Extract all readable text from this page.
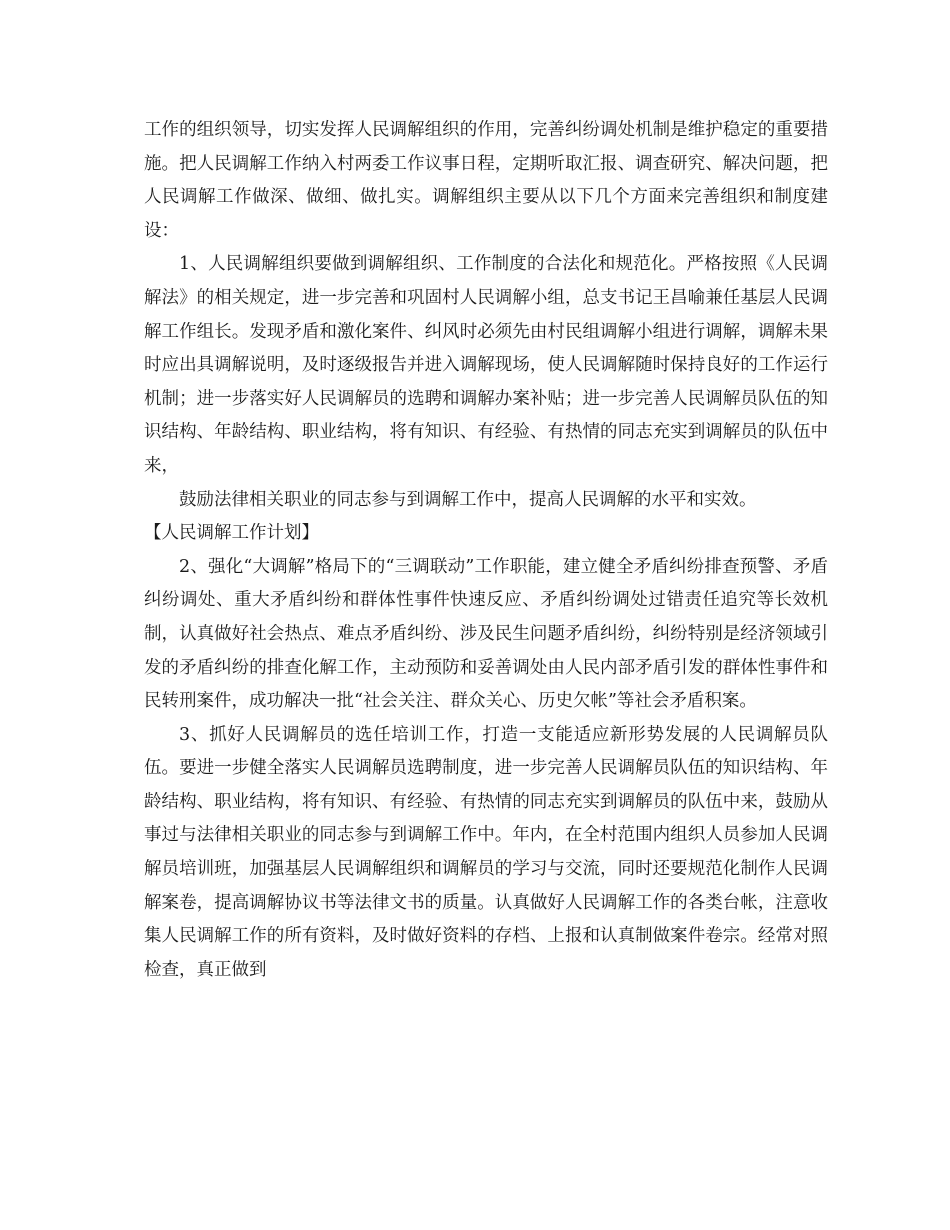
工作的组织领导，切实发挥人民调解组织的作用，完善纠纷调处机制是维护稳定的重要措施。把人民调解工作纳入村两委工作议事日程，定期听取汇报、调查研究、解决问题，把人民调解工作做深、做细、做扎实。调解组织主要从以下几个方面来完善组织和制度建设：

1、人民调解组织要做到调解组织、工作制度的合法化和规范化。严格按照《人民调解法》的相关规定，进一步完善和巩固村人民调解小组，总支书记王昌喻兼任基层人民调解工作组长。发现矛盾和激化案件、纠风时必须先由村民组调解小组进行调解，调解未果时应出具调解说明，及时逐级报告并进入调解现场，使人民调解随时保持良好的工作运行机制；进一步落实好人民调解员的选聘和调解办案补贴；进一步完善人民调解员队伍的知识结构、年龄结构、职业结构，将有知识、有经验、有热情的同志充实到调解员的队伍中来，

鼓励法律相关职业的同志参与到调解工作中，提高人民调解的水平和实效。

【人民调解工作计划】

2、强化“大调解”格局下的“三调联动”工作职能，建立健全矛盾纠纷排查预警、矛盾纠纷调处、重大矛盾纠纷和群体性事件快速反应、矛盾纠纷调处过错责任追究等长效机制，认真做好社会热点、难点矛盾纠纷、涉及民生问题矛盾纠纷，纠纷特别是经济领域引发的矛盾纠纷的排查化解工作，主动预防和妥善调处由人民内部矛盾引发的群体性事件和民转刑案件，成功解决一批“社会关注、群众关心、历史欠帐”等社会矛盾积案。

3、抓好人民调解员的选任培训工作，打造一支能适应新形势发展的人民调解员队伍。要进一步健全落实人民调解员选聘制度，进一步完善人民调解员队伍的知识结构、年龄结构、职业结构，将有知识、有经验、有热情的同志充实到调解员的队伍中来，鼓励从事过与法律相关职业的同志参与到调解工作中。年内，在全村范围内组织人员参加人民调解员培训班，加强基层人民调解组织和调解员的学习与交流，同时还要规范化制作人民调解案卷，提高调解协议书等法律文书的质量。认真做好人民调解工作的各类台帐，注意收集人民调解工作的所有资料，及时做好资料的存档、上报和认真制做案件卷宗。经常对照检查，真正做到
